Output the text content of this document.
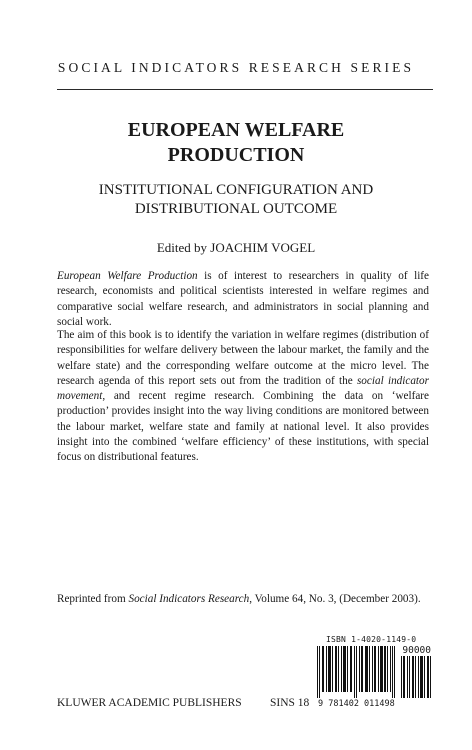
SOCIAL INDICATORS RESEARCH SERIES
EUROPEAN WELFARE
PRODUCTION
INSTITUTIONAL CONFIGURATION AND
DISTRIBUTIONAL OUTCOME
Edited by JOACHIM VOGEL

European Welfare Production is of interest to researchers in quality of life research, economists and political scientists interested in welfare regimes and comparative social welfare research, and administrators in social planning and social work.

The aim of this book is to identify the variation in welfare regimes (distribution of responsibilities for welfare delivery between the labour market, the family and the welfare state) and the corresponding welfare outcome at the micro level. The research agenda of this report sets out from the tradition of the social indicator movement, and recent regime research. Combining the data on ‘welfare production’ provides insight into the way living conditions are monitored between the labour market, welfare state and family at national level. It also provides insight into the combined ‘welfare efficiency’ of these institutions, with special focus on distributional features.

Reprinted from Social Indicators Research, Volume 64, No. 3, (December 2003).
ISBN 1-4020-1149-0
90000
9 781402 011498
KLUWER ACADEMIC PUBLISHERS SINS 18
